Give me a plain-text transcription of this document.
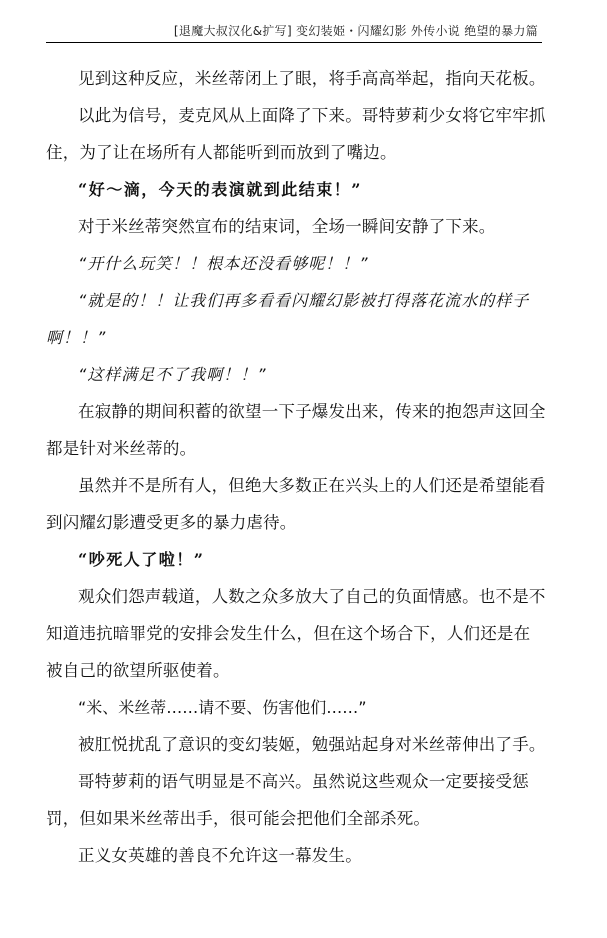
[退魔大叔汉化&扩写] 变幻装姫・闪耀幻影 外传小说 绝望的暴力篇

见到这种反应，米丝蒂闭上了眼，将手高高举起，指向天花板。

以此为信号，麦克风从上面降了下来。哥特萝莉少女将它牢牢抓住，为了让在场所有人都能听到而放到了嘴边。

“好～滴，今天的表演就到此结束！”

对于米丝蒂突然宣布的结束词，全场一瞬间安静了下来。

“开什么玩笑！！根本还没看够呢！！”

“就是的！！让我们再多看看闪耀幻影被打得落花流水的样子啊！！”

“这样满足不了我啊！！”

在寂静的期间积蓄的欲望一下子爆发出来，传来的抱怨声这回全都是针对米丝蒂的。

虽然并不是所有人，但绝大多数正在兴头上的人们还是希望能看到闪耀幻影遭受更多的暴力虐待。

“吵死人了啦！”

观众们怨声载道，人数之众多放大了自己的负面情感。也不是不知道违抗暗罪党的安排会发生什么，但在这个场合下，人们还是在被自己的欲望所驱使着。

“米、米丝蒂……请不要、伤害他们……”

被肛悦扰乱了意识的变幻装姬，勉强站起身对米丝蒂伸出了手。

哥特萝莉的语气明显是不高兴。虽然说这些观众一定要接受惩罚，但如果米丝蒂出手，很可能会把他们全部杀死。

正义女英雄的善良不允许这一幕发生。
